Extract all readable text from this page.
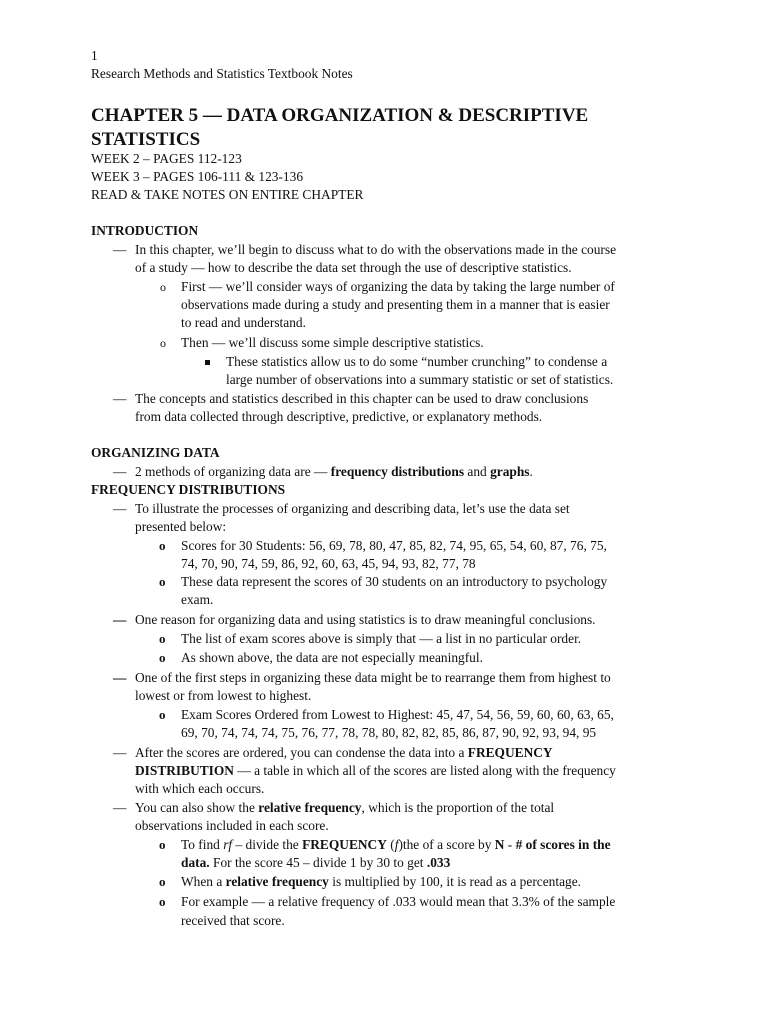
1
Research Methods and Statistics Textbook Notes
CHAPTER 5 — DATA ORGANIZATION & DESCRIPTIVE
STATISTICS
WEEK 2 – PAGES 112-123
WEEK 3 – PAGES 106-111 & 123-136
READ & TAKE NOTES ON ENTIRE CHAPTER
INTRODUCTION
— In this chapter, we’ll begin to discuss what to do with the observations made in the course
of a study — how to describe the data set through the use of descriptive statistics.
o First — we’ll consider ways of organizing the data by taking the large number of
observations made during a study and presenting them in a manner that is easier
to read and understand.
o Then — we’ll discuss some simple descriptive statistics.
These statistics allow us to do some “number crunching” to condense a
large number of observations into a summary statistic or set of statistics.
— The concepts and statistics described in this chapter can be used to draw conclusions
from data collected through descriptive, predictive, or explanatory methods.
ORGANIZING DATA
— 2 methods of organizing data are — frequency distributions and graphs.
FREQUENCY DISTRIBUTIONS
— To illustrate the processes of organizing and describing data, let’s use the data set
presented below:
o Scores for 30 Students: 56, 69, 78, 80, 47, 85, 82, 74, 95, 65, 54, 60, 87, 76, 75,
74, 70, 90, 74, 59, 86, 92, 60, 63, 45, 94, 93, 82, 77, 78
o These data represent the scores of 30 students on an introductory to psychology
exam.
— One reason for organizing data and using statistics is to draw meaningful conclusions.
o The list of exam scores above is simply that — a list in no particular order.
o As shown above, the data are not especially meaningful.
— One of the first steps in organizing these data might be to rearrange them from highest to
lowest or from lowest to highest.
o Exam Scores Ordered from Lowest to Highest: 45, 47, 54, 56, 59, 60, 60, 63, 65,
69, 70, 74, 74, 74, 75, 76, 77, 78, 78, 80, 82, 82, 85, 86, 87, 90, 92, 93, 94, 95
— After the scores are ordered, you can condense the data into a FREQUENCY
DISTRIBUTION — a table in which all of the scores are listed along with the frequency
with which each occurs.
— You can also show the relative frequency, which is the proportion of the total
observations included in each score.
o To find rf – divide the FREQUENCY (f)the of a score by N - # of scores in the
data. For the score 45 – divide 1 by 30 to get .033
o When a relative frequency is multiplied by 100, it is read as a percentage.
o For example — a relative frequency of .033 would mean that 3.3% of the sample
received that score.
